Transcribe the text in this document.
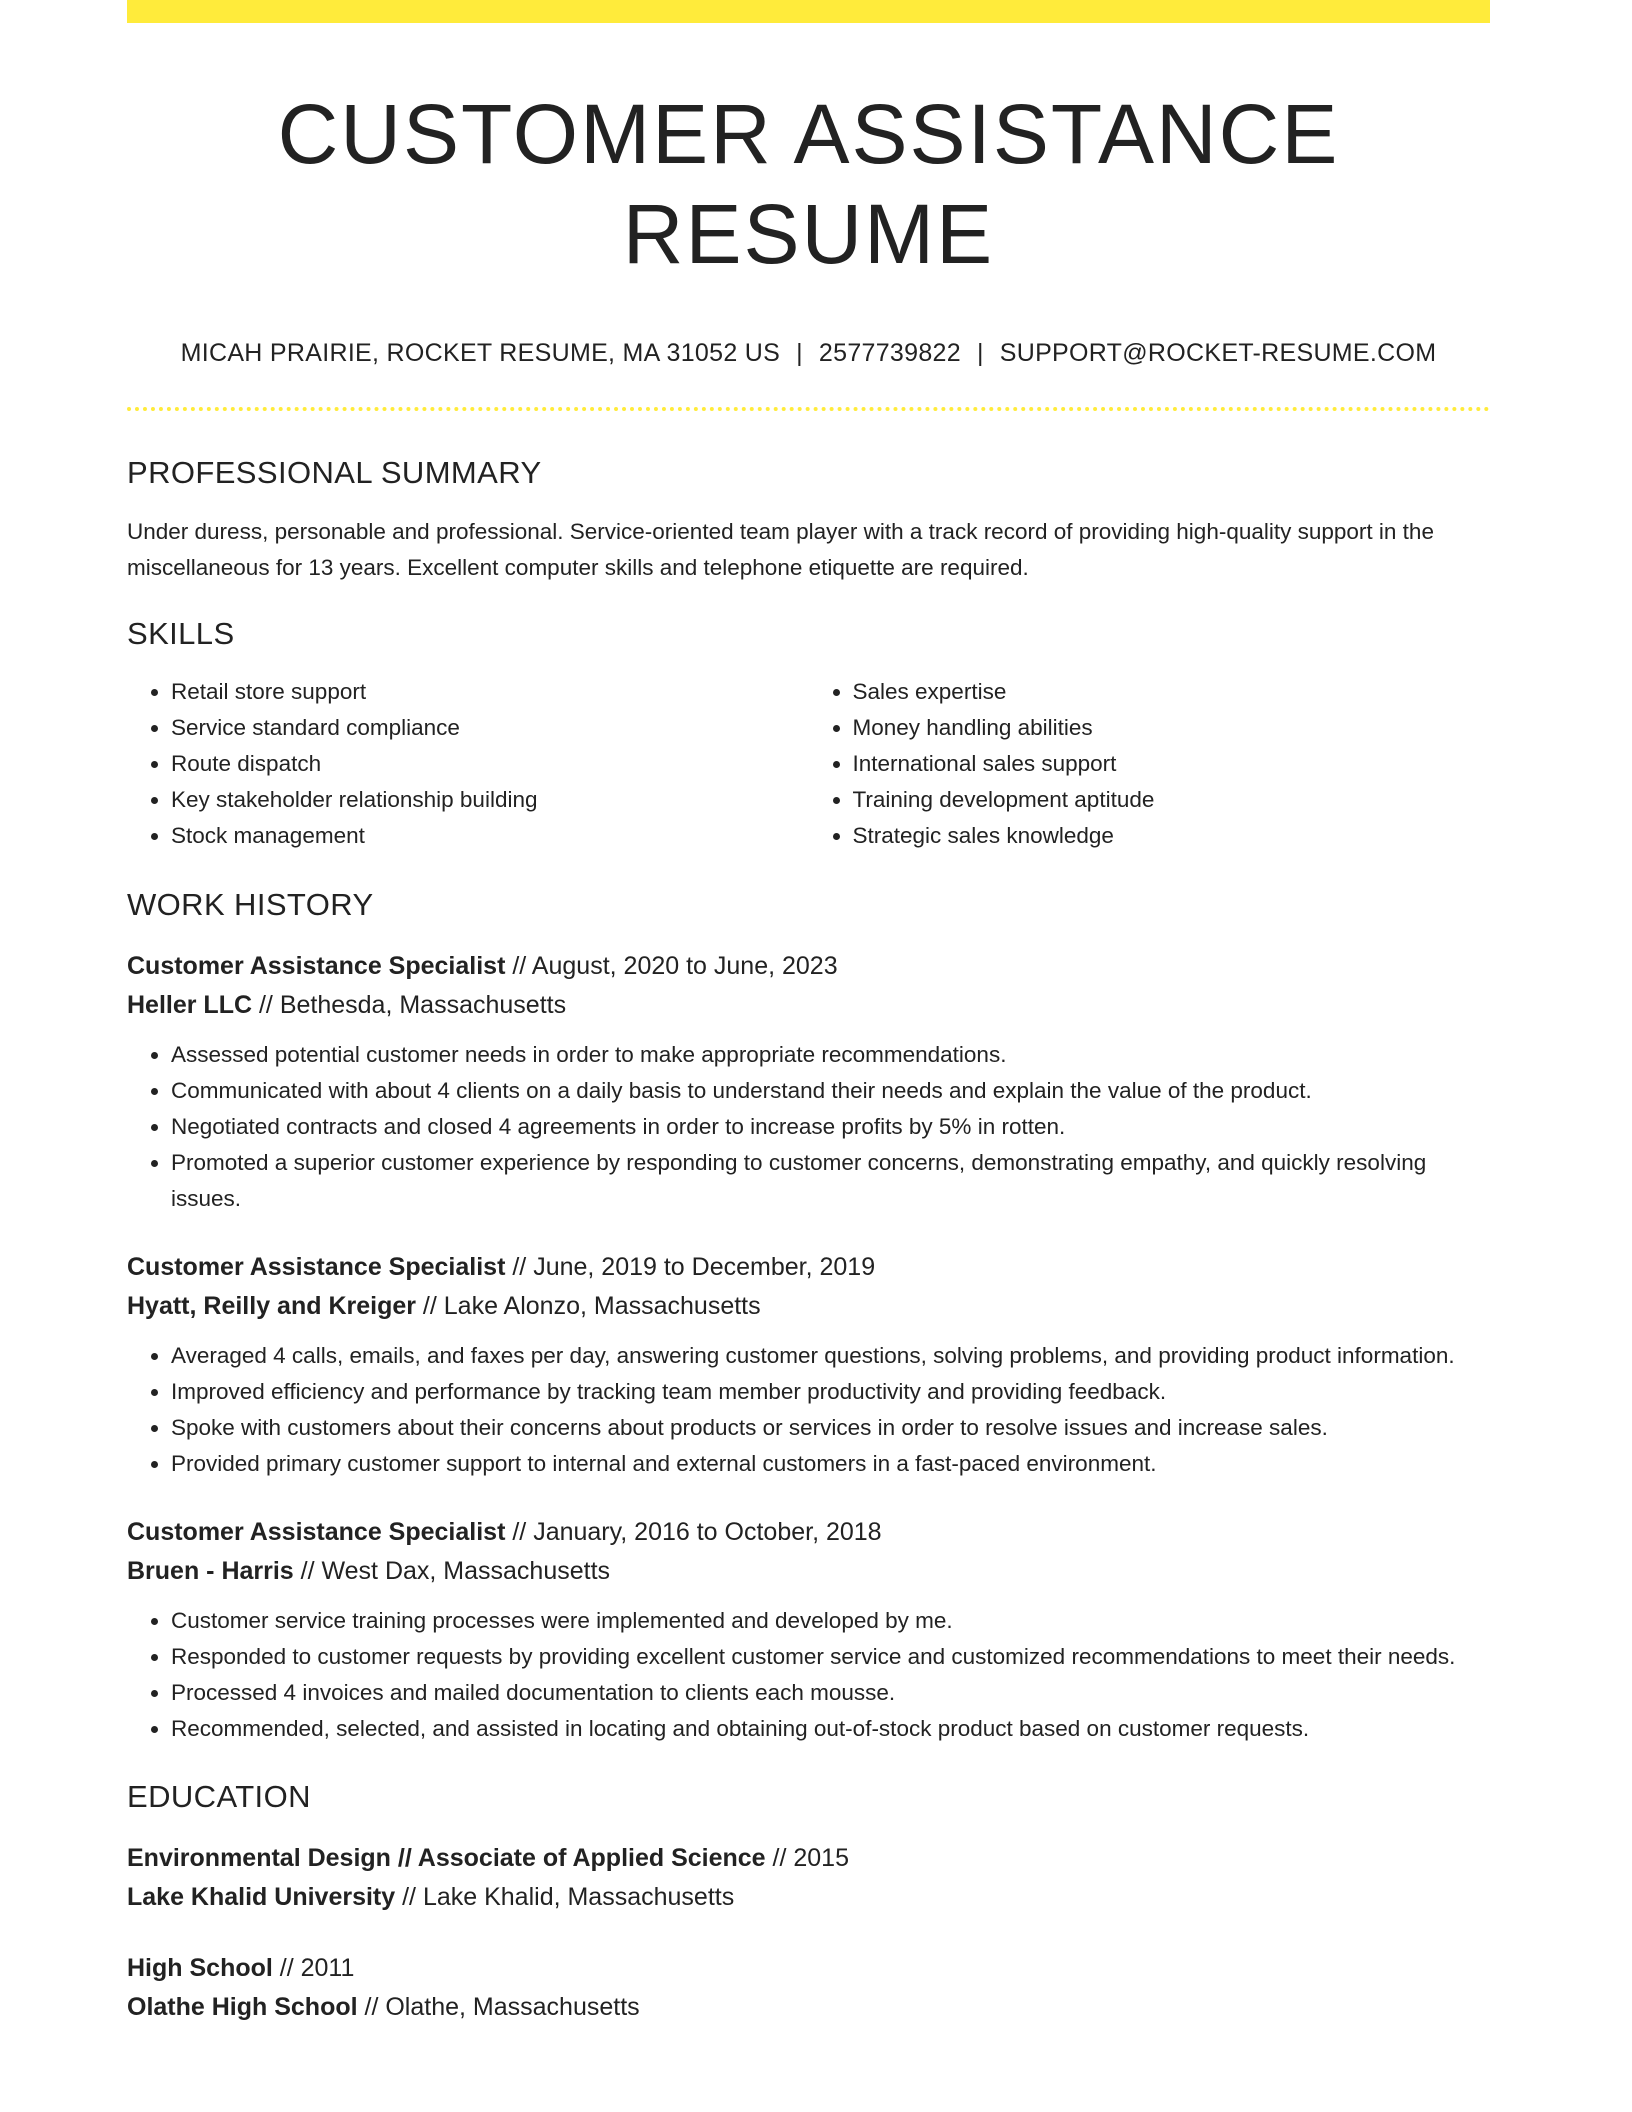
CUSTOMER ASSISTANCE RESUME
MICAH PRAIRIE, ROCKET RESUME, MA 31052 US | 2577739822 | SUPPORT@ROCKET-RESUME.COM
PROFESSIONAL SUMMARY
Under duress, personable and professional. Service-oriented team player with a track record of providing high-quality support in the miscellaneous for 13 years. Excellent computer skills and telephone etiquette are required.
SKILLS
• Retail store support
• Service standard compliance
• Route dispatch
• Key stakeholder relationship building
• Stock management
• Sales expertise
• Money handling abilities
• International sales support
• Training development aptitude
• Strategic sales knowledge
WORK HISTORY
Customer Assistance Specialist // August, 2020 to June, 2023
Heller LLC // Bethesda, Massachusetts
• Assessed potential customer needs in order to make appropriate recommendations.
• Communicated with about 4 clients on a daily basis to understand their needs and explain the value of the product.
• Negotiated contracts and closed 4 agreements in order to increase profits by 5% in rotten.
• Promoted a superior customer experience by responding to customer concerns, demonstrating empathy, and quickly resolving issues.
Customer Assistance Specialist // June, 2019 to December, 2019
Hyatt, Reilly and Kreiger // Lake Alonzo, Massachusetts
• Averaged 4 calls, emails, and faxes per day, answering customer questions, solving problems, and providing product information.
• Improved efficiency and performance by tracking team member productivity and providing feedback.
• Spoke with customers about their concerns about products or services in order to resolve issues and increase sales.
• Provided primary customer support to internal and external customers in a fast-paced environment.
Customer Assistance Specialist // January, 2016 to October, 2018
Bruen - Harris // West Dax, Massachusetts
• Customer service training processes were implemented and developed by me.
• Responded to customer requests by providing excellent customer service and customized recommendations to meet their needs.
• Processed 4 invoices and mailed documentation to clients each mousse.
• Recommended, selected, and assisted in locating and obtaining out-of-stock product based on customer requests.
EDUCATION
Environmental Design // Associate of Applied Science // 2015
Lake Khalid University // Lake Khalid, Massachusetts
High School // 2011
Olathe High School // Olathe, Massachusetts
